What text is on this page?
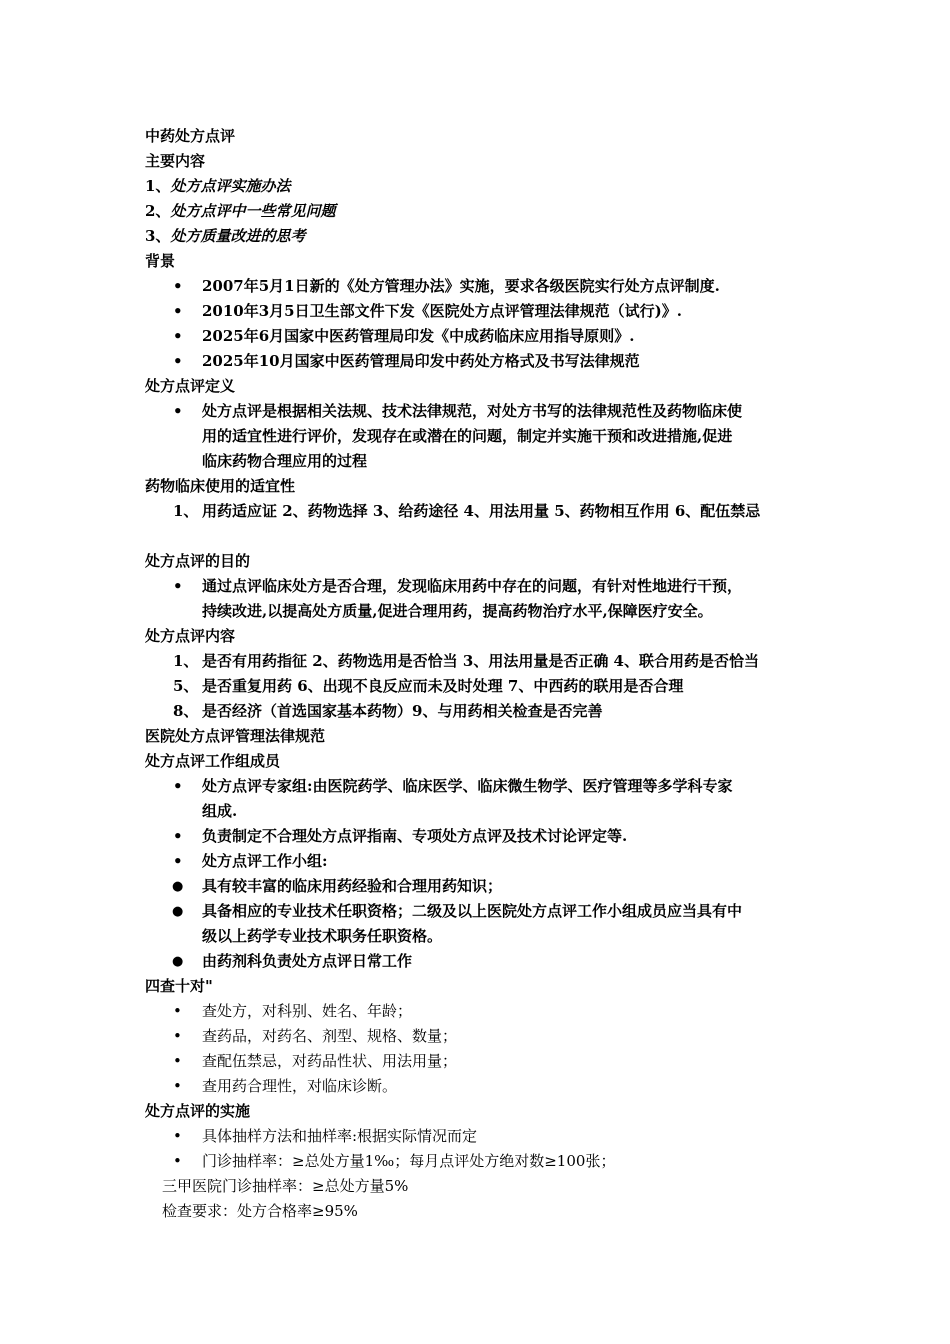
中药处方点评
主要内容
1、处方点评实施办法
2、处方点评中一些常见问题
3、处方质量改进的思考
背景
•	2007年5月1日新的《处方管理办法》实施，要求各级医院实行处方点评制度.
•	2010年3月5日卫生部文件下发《医院处方点评管理法律规范（试行)》.
•	2025年6月国家中医药管理局印发《中成药临床应用指导原则》.
•	2025年10月国家中医药管理局印发中药处方格式及书写法律规范
处方点评定义
•	处方点评是根据相关法规、技术法律规范，对处方书写的法律规范性及药物临床使
用的适宜性进行评价，发现存在或潜在的问题，制定并实施干预和改进措施,促进
临床药物合理应用的过程
药物临床使用的适宜性
1、 用药适应证 2、药物选择 3、给药途径 4、用法用量 5、药物相互作用 6、配伍禁忌
处方点评的目的
•	通过点评临床处方是否合理，发现临床用药中存在的问题，有针对性地进行干预，
持续改进,以提高处方质量,促进合理用药，提高药物治疗水平,保障医疗安全。
处方点评内容
1、 是否有用药指征 2、药物选用是否恰当 3、用法用量是否正确 4、联合用药是否恰当
5、 是否重复用药 6、出现不良反应而未及时处理 7、中西药的联用是否合理
8、 是否经济（首选国家基本药物）9、与用药相关检查是否完善
医院处方点评管理法律规范
处方点评工作组成员
•	处方点评专家组:由医院药学、临床医学、临床微生物学、医疗管理等多学科专家
组成.
•	负责制定不合理处方点评指南、专项处方点评及技术讨论评定等.
•	处方点评工作小组:
●	具有较丰富的临床用药经验和合理用药知识；
●	具备相应的专业技术任职资格；二级及以上医院处方点评工作小组成员应当具有中
级以上药学专业技术职务任职资格。
●	由药剂科负责处方点评日常工作
四查十对"
•	查处方，对科别、姓名、年龄；
•	查药品，对药名、剂型、规格、数量；
•	查配伍禁忌，对药品性状、用法用量；
•	查用药合理性，对临床诊断。
处方点评的实施
•	具体抽样方法和抽样率:根据实际情况而定
•	门诊抽样率：≥总处方量1‰；每月点评处方绝对数≥100张；
三甲医院门诊抽样率：≥总处方量5%
检查要求：处方合格率≥95%
